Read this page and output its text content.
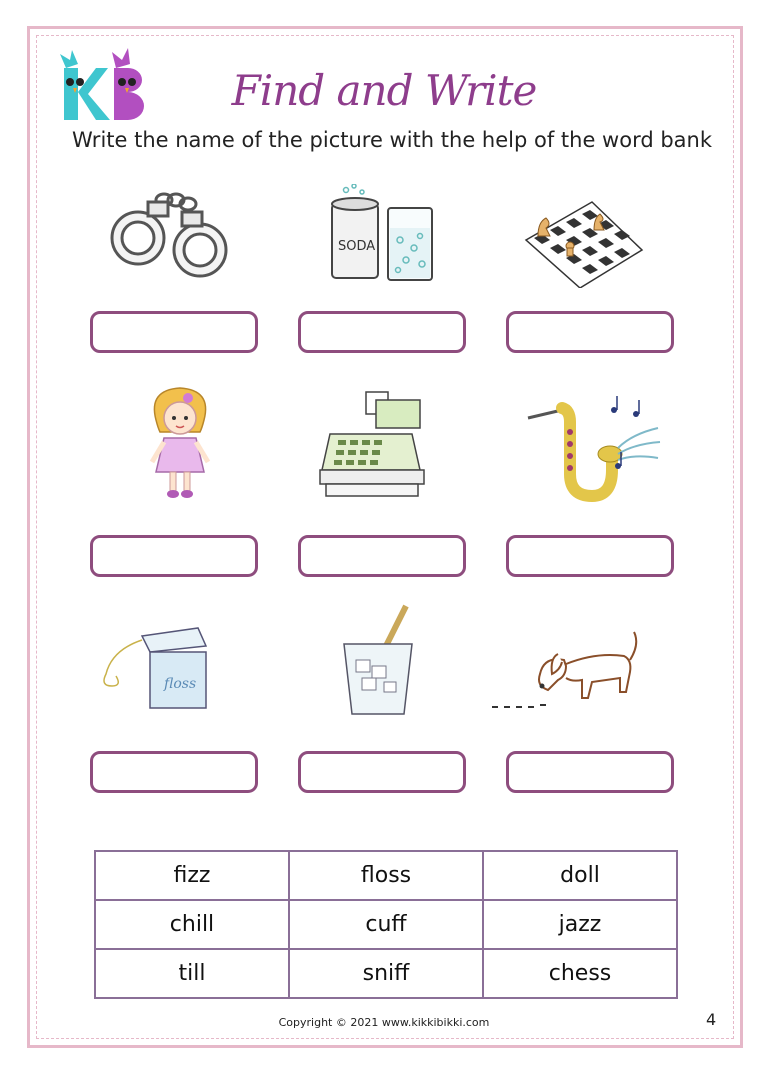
Find and Write
Write the name of the picture with the help of the word bank
SODA
floss
fizz	floss	doll
chill	cuff	jazz
till	sniff	chess
Copyright © 2021 www.kikkibikki.com	4
